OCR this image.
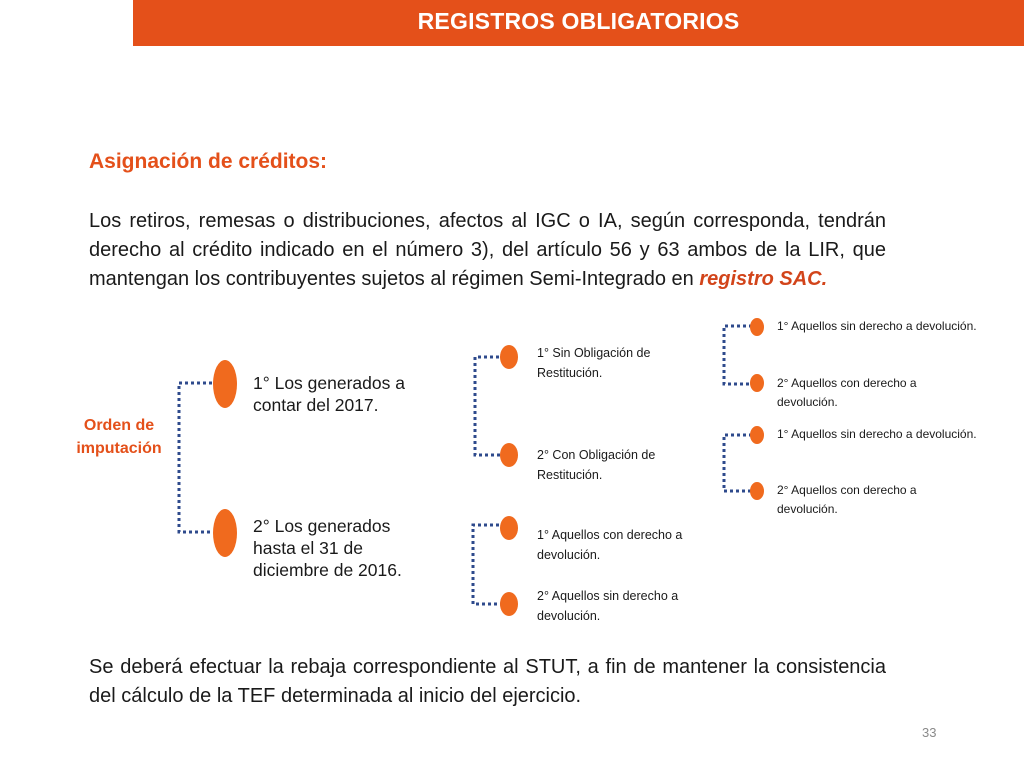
REGISTROS OBLIGATORIOS
Asignación de créditos:
Los retiros, remesas o distribuciones, afectos al IGC o IA, según corresponda, tendrán derecho al crédito indicado en el número 3), del artículo 56 y 63 ambos de la LIR, que mantengan los contribuyentes sujetos al régimen Semi-Integrado en registro SAC.
Orden de imputación
1° Los generados a contar del 2017.
2° Los generados hasta el 31 de diciembre de 2016.
1° Sin Obligación de Restitución.
2° Con Obligación de Restitución.
1° Aquellos con derecho a devolución.
2° Aquellos sin derecho a devolución.
1° Aquellos sin derecho a devolución.
2° Aquellos con derecho a devolución.
1° Aquellos sin derecho a devolución.
2° Aquellos con derecho a devolución.
Se deberá efectuar la rebaja correspondiente al STUT, a fin de mantener la consistencia del cálculo de la TEF determinada al inicio del ejercicio.
33
